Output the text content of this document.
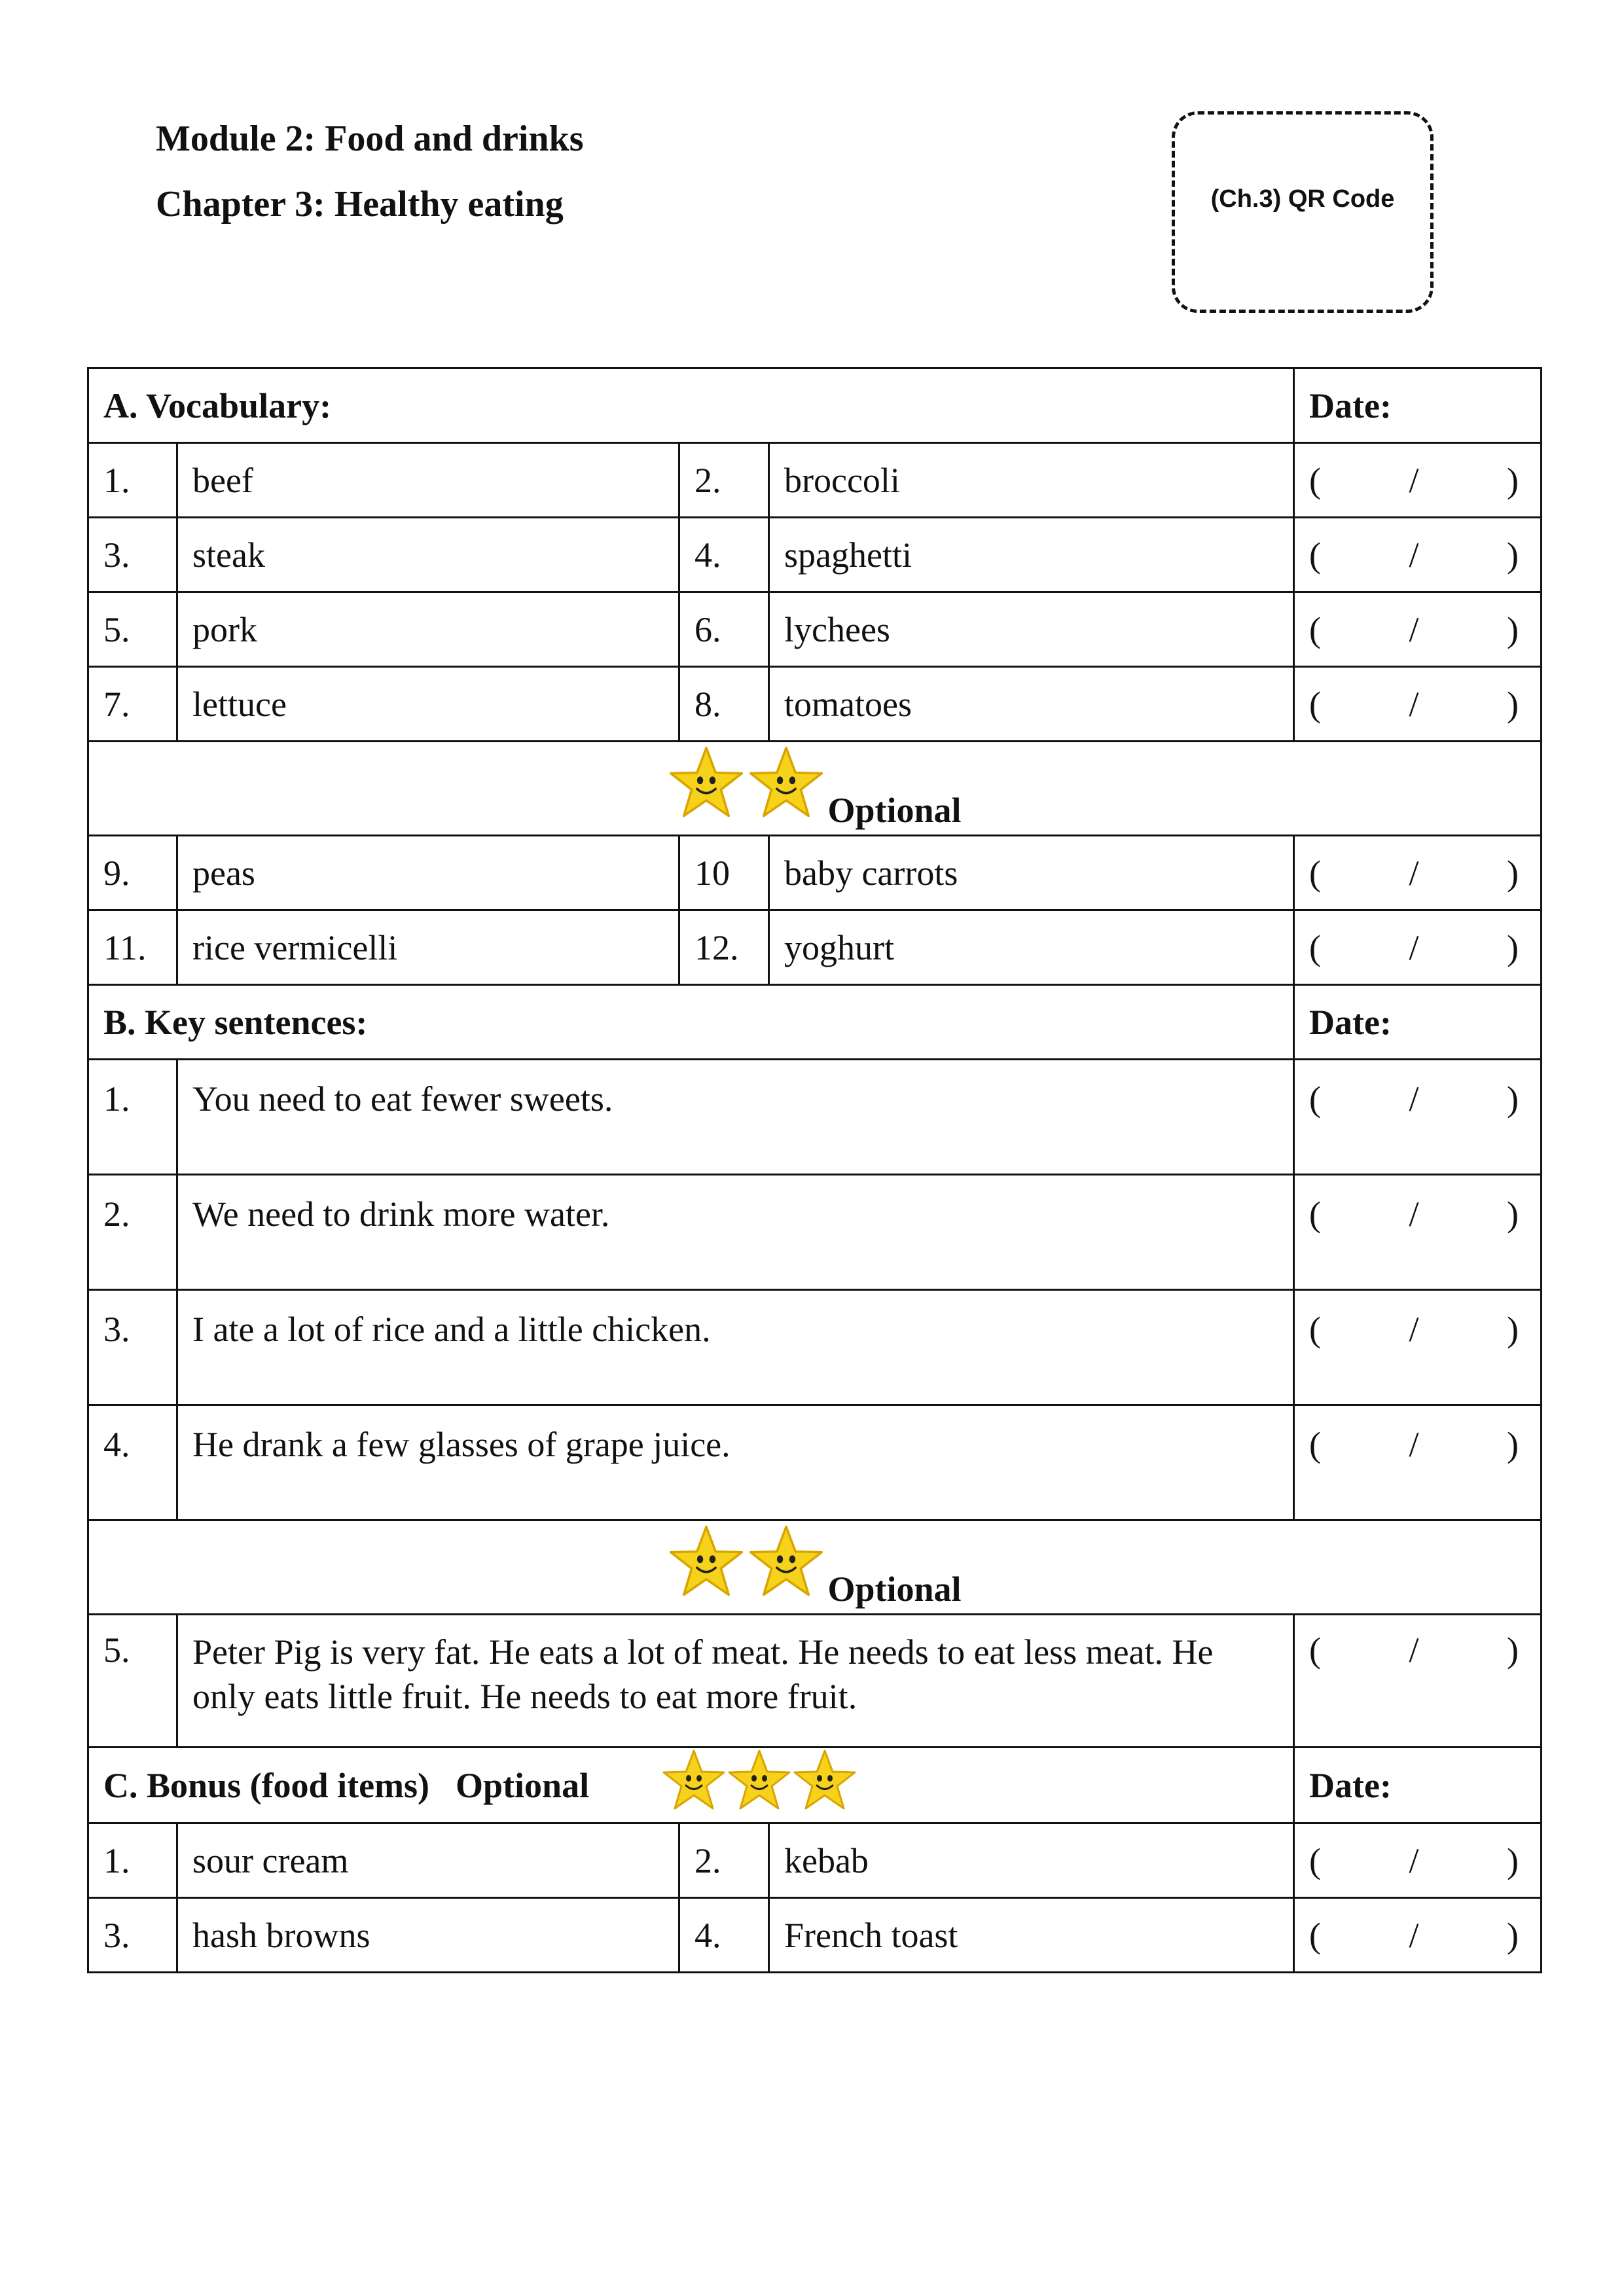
Module 2: Food and drinks
Chapter 3: Healthy eating	(Ch.3) QR Code
A. Vocabulary:				Date:
1.	beef	2.	broccoli	( / )

3.	steak	4.	spaghetti	( / )

5.	pork	6.	lychees	( / )

7.	lettuce	8.	tomatoes	( / )

Optional				

9.	peas	10	baby carrots	( / )

11.	rice vermicelli	12.	yoghurt	( / )

B. Key sentences:				Date:
1.	You need to eat fewer sweets.			( / )

2.	We need to drink more water.			( / )

3.	I ate a lot of rice and a little chicken.			( / )

4.	He drank a few glasses of grape juice.			( / )

Optional				

5.	Peter Pig is very fat. He eats a lot of meat. He needs to eat less meat. He only eats little fruit. He needs to eat more fruit.			( / )

C. Bonus (food items) Optional				Date:
1.	sour cream	2.	kebab	( / )

3.	hash browns	4.	French toast	( / )
